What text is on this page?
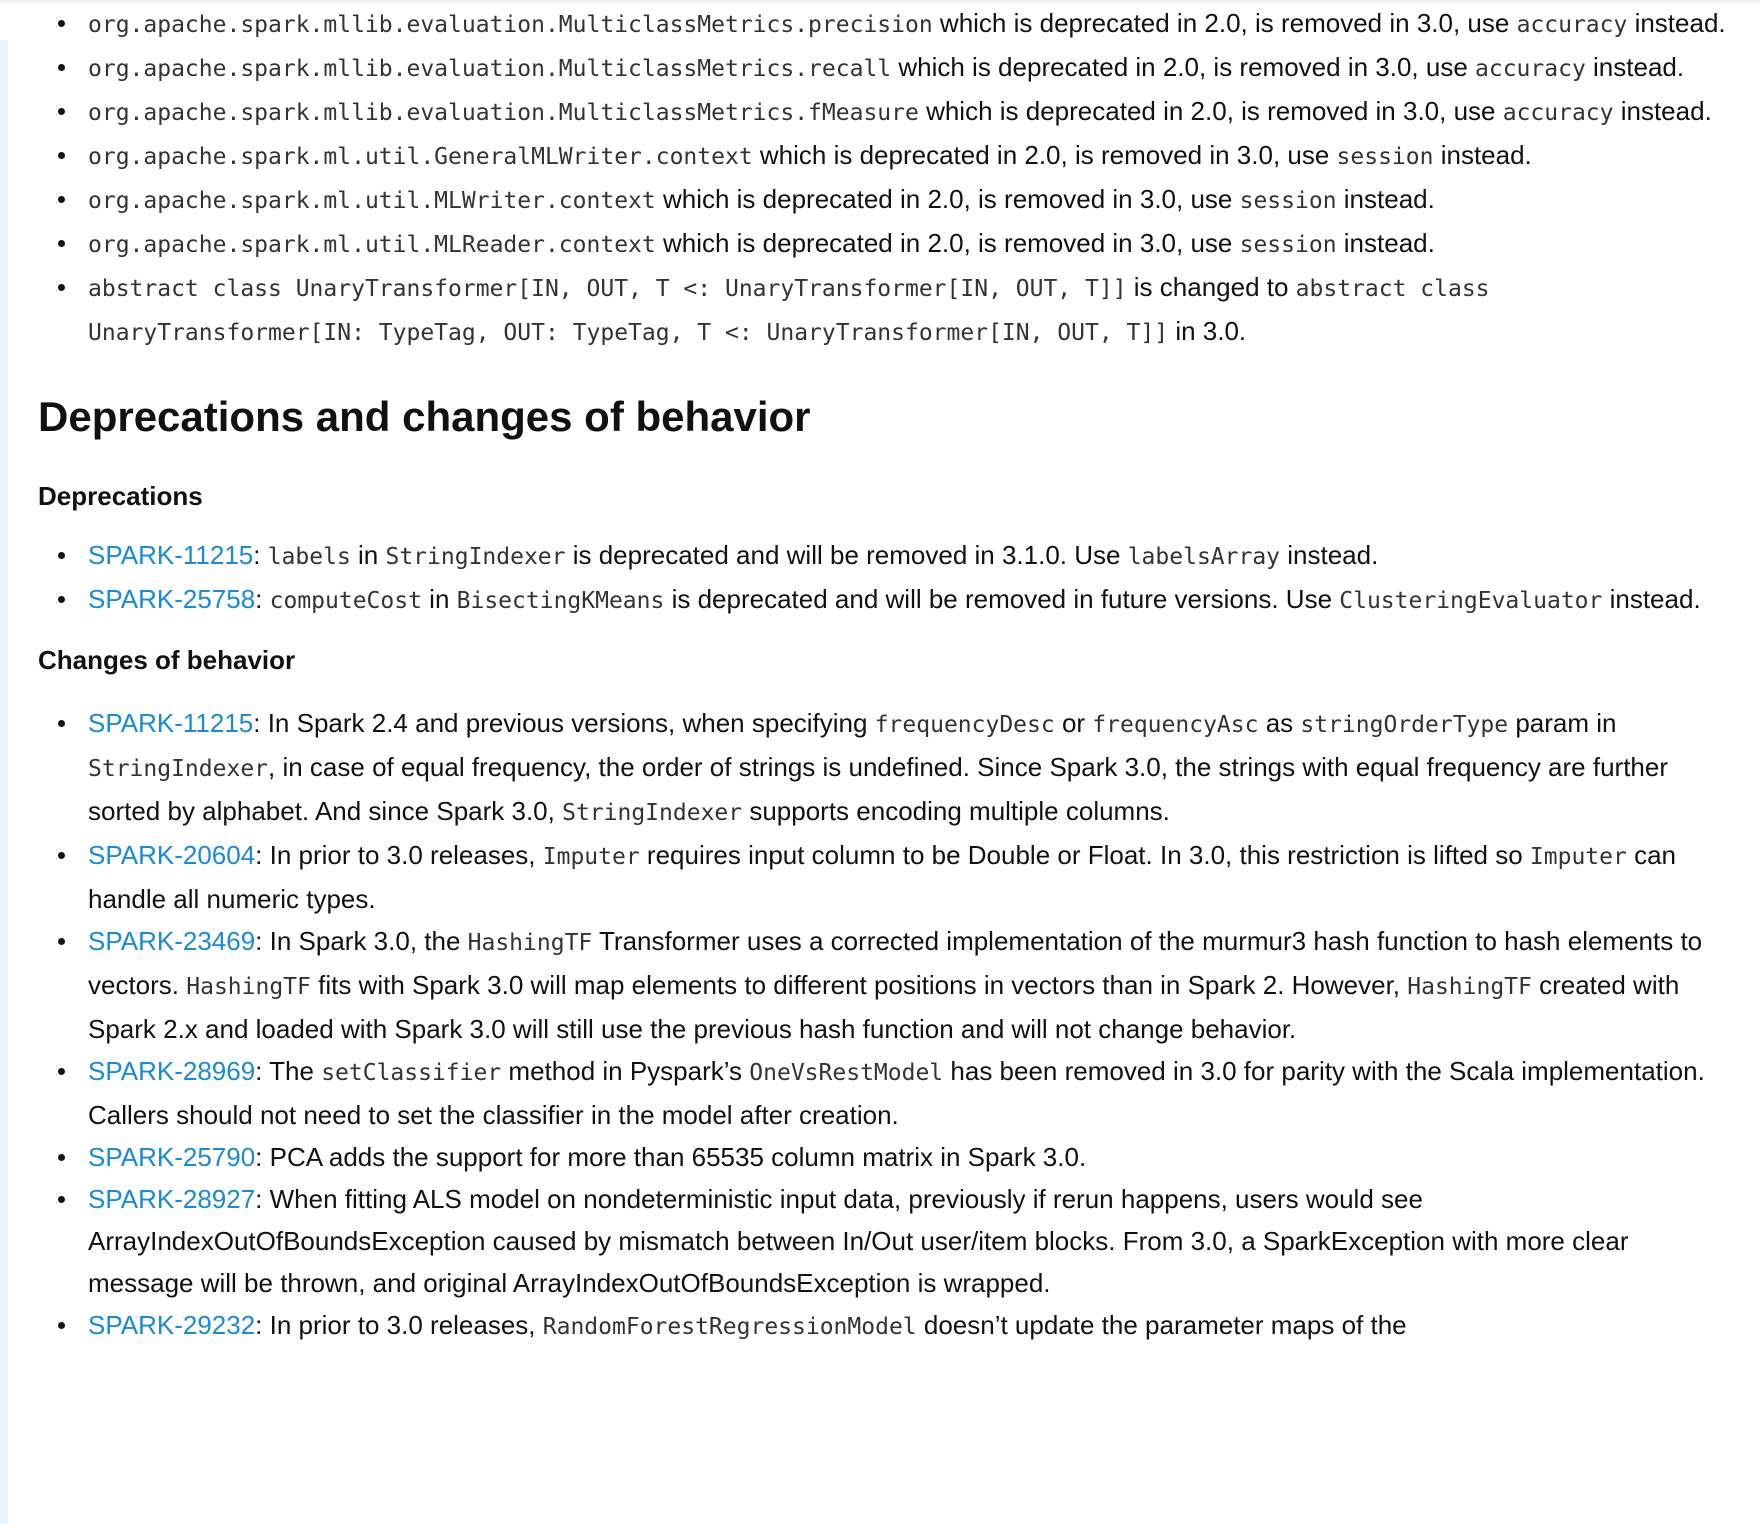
org.apache.spark.mllib.evaluation.MulticlassMetrics.precision which is deprecated in 2.0, is removed in 3.0, use accuracy instead.
org.apache.spark.mllib.evaluation.MulticlassMetrics.recall which is deprecated in 2.0, is removed in 3.0, use accuracy instead.
org.apache.spark.mllib.evaluation.MulticlassMetrics.fMeasure which is deprecated in 2.0, is removed in 3.0, use accuracy instead.
org.apache.spark.ml.util.GeneralMLWriter.context which is deprecated in 2.0, is removed in 3.0, use session instead.
org.apache.spark.ml.util.MLWriter.context which is deprecated in 2.0, is removed in 3.0, use session instead.
org.apache.spark.ml.util.MLReader.context which is deprecated in 2.0, is removed in 3.0, use session instead.
abstract class UnaryTransformer[IN, OUT, T <: UnaryTransformer[IN, OUT, T]] is changed to abstract class UnaryTransformer[IN: TypeTag, OUT: TypeTag, T <: UnaryTransformer[IN, OUT, T]] in 3.0.
Deprecations and changes of behavior
Deprecations
SPARK-11215: labels in StringIndexer is deprecated and will be removed in 3.1.0. Use labelsArray instead.
SPARK-25758: computeCost in BisectingKMeans is deprecated and will be removed in future versions. Use ClusteringEvaluator instead.
Changes of behavior
SPARK-11215: In Spark 2.4 and previous versions, when specifying frequencyDesc or frequencyAsc as stringOrderType param in StringIndexer, in case of equal frequency, the order of strings is undefined. Since Spark 3.0, the strings with equal frequency are further sorted by alphabet. And since Spark 3.0, StringIndexer supports encoding multiple columns.
SPARK-20604: In prior to 3.0 releases, Imputer requires input column to be Double or Float. In 3.0, this restriction is lifted so Imputer can handle all numeric types.
SPARK-23469: In Spark 3.0, the HashingTF Transformer uses a corrected implementation of the murmur3 hash function to hash elements to vectors. HashingTF fits with Spark 3.0 will map elements to different positions in vectors than in Spark 2. However, HashingTF created with Spark 2.x and loaded with Spark 3.0 will still use the previous hash function and will not change behavior.
SPARK-28969: The setClassifier method in Pyspark’s OneVsRestModel has been removed in 3.0 for parity with the Scala implementation. Callers should not need to set the classifier in the model after creation.
SPARK-25790: PCA adds the support for more than 65535 column matrix in Spark 3.0.
SPARK-28927: When fitting ALS model on nondeterministic input data, previously if rerun happens, users would see ArrayIndexOutOfBoundsException caused by mismatch between In/Out user/item blocks. From 3.0, a SparkException with more clear message will be thrown, and original ArrayIndexOutOfBoundsException is wrapped.
SPARK-29232: In prior to 3.0 releases, RandomForestRegressionModel doesn’t update the parameter maps of the
